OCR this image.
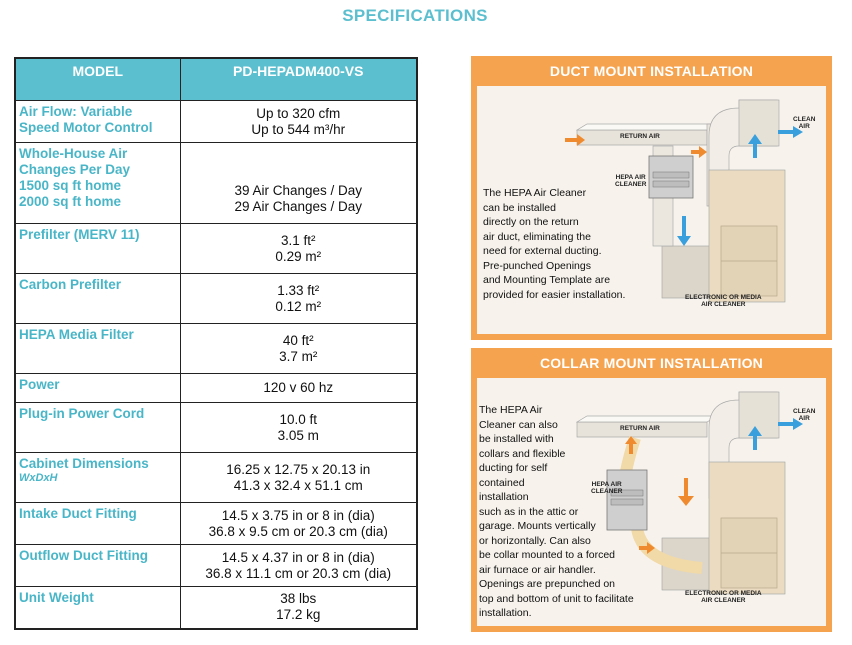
SPECIFICATIONS
MODEL	PD-HEPADM400-VS
Air Flow: Variable
Speed Motor Control	Up to 320 cfm
Up to 544 m³/hr
Whole-House Air
Changes Per Day
1500 sq ft home
2000 sq ft home	39 Air Changes / Day
29 Air Changes / Day
Prefilter (MERV 11)	3.1 ft²
0.29 m²
Carbon Prefilter	1.33 ft²
0.12 m²
HEPA Media Filter	40 ft²
3.7 m²
Power	120 v 60 hz
Plug-in Power Cord	10.0 ft
3.05 m
Cabinet Dimensions
WxDxH	16.25 x 12.75 x 20.13 in
41.3 x 32.4 x 51.1 cm
Intake Duct Fitting	14.5 x 3.75 in or 8 in (dia)
36.8 x 9.5 cm or 20.3 cm (dia)
Outflow Duct Fitting	14.5 x 4.37 in or 8 in (dia)
36.8 x 11.1 cm or 20.3 cm (dia)
Unit Weight	38 lbs
17.2 kg
DUCT MOUNT INSTALLATION
RETURN AIR
CLEAN
AIR
HEPA AIR
CLEANER
ELECTRONIC OR MEDIA
AIR CLEANER
The HEPA Air Cleaner
can be installed
directly on the return
air duct, eliminating the
need for external ducting.
Pre-punched Openings
and Mounting Template are
provided for easier installation.
COLLAR MOUNT INSTALLATION
RETURN AIR
CLEAN
AIR
HEPA AIR
CLEANER
ELECTRONIC OR MEDIA
AIR CLEANER
The HEPA Air
Cleaner can also
be installed with
collars and flexible
ducting for self
contained
installation
such as in the attic or
garage. Mounts vertically
or horizontally. Can also
be collar mounted to a forced
air furnace or air handler.
Openings are prepunched on
top and bottom of unit to facilitate
installation.
